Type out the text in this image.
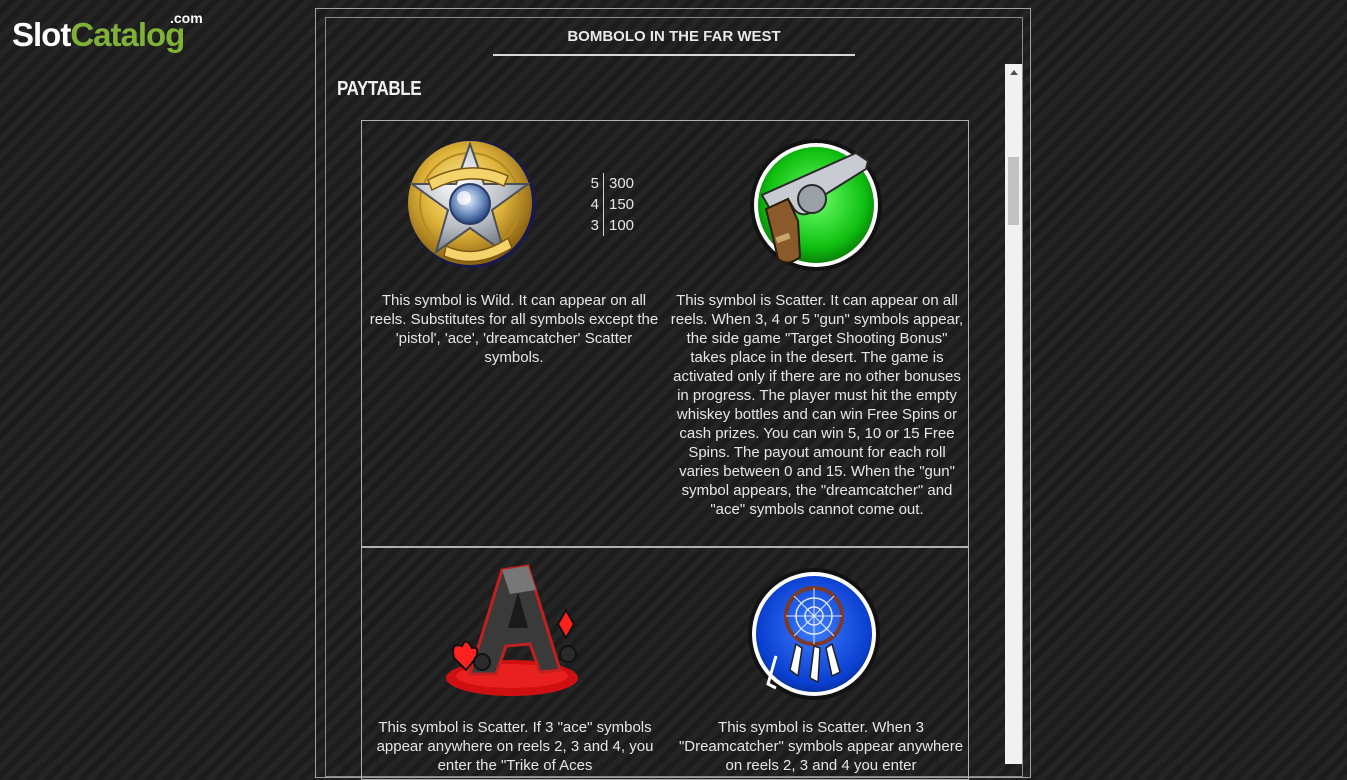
SlotCatalog
.com
BOMBOLO IN THE FAR WEST
PAYTABLE
5 300
4 150
3 100
This symbol is Wild. It can appear on all reels. Substitutes for all symbols except the 'pistol', 'ace', 'dreamcatcher' Scatter symbols.
This symbol is Scatter. It can appear on all reels. When 3, 4 or 5 "gun" symbols appear, the side game "Target Shooting Bonus" takes place in the desert. The game is activated only if there are no other bonuses in progress. The player must hit the empty whiskey bottles and can win Free Spins or cash prizes. You can win 5, 10 or 15 Free Spins. The payout amount for each roll varies between 0 and 15. When the "gun" symbol appears, the "dreamcatcher" and "ace" symbols cannot come out.
This symbol is Scatter. If 3 "ace" symbols appear anywhere on reels 2, 3 and 4, you enter the "Trike of Aces
This symbol is Scatter. When 3 "Dreamcatcher" symbols appear anywhere on reels 2, 3 and 4 you enter
